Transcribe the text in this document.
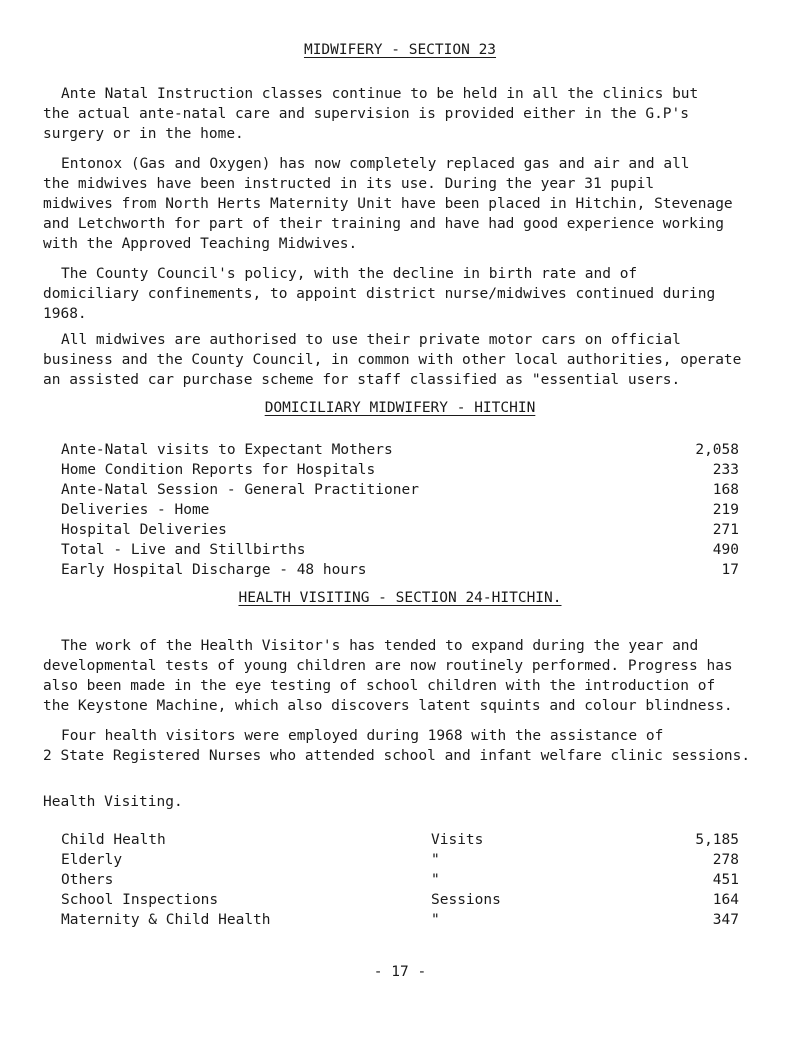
MIDWIFERY - SECTION 23

Ante Natal Instruction classes continue to be held in all the clinics but
the actual ante-natal care and supervision is provided either in the G.P's
surgery or in the home.

Entonox (Gas and Oxygen) has now completely replaced gas and air and all
the midwives have been instructed in its use. During the year 31 pupil
midwives from North Herts Maternity Unit have been placed in Hitchin, Stevenage
and Letchworth for part of their training and have had good experience working
with the Approved Teaching Midwives.

The County Council's policy, with the decline in birth rate and of
domiciliary confinements, to appoint district nurse/midwives continued during
1968.

All midwives are authorised to use their private motor cars on official
business and the County Council, in common with other local authorities, operate
an assisted car purchase scheme for staff classified as "essential users.

DOMICILIARY MIDWIFERY - HITCHIN
Ante-Natal visits to Expectant Mothers	2,058
Home Condition Reports for Hospitals	233
Ante-Natal Session - General Practitioner	168
Deliveries - Home	219
Hospital Deliveries	271
Total - Live and Stillbirths	490
Early Hospital Discharge - 48 hours	17
HEALTH VISITING - SECTION 24-HITCHIN.

The work of the Health Visitor's has tended to expand during the year and
developmental tests of young children are now routinely performed. Progress has
also been made in the eye testing of school children with the introduction of
the Keystone Machine, which also discovers latent squints and colour blindness.

Four health visitors were employed during 1968 with the assistance of
2 State Registered Nurses who attended school and infant welfare clinic sessions.

Health Visiting.
Child Health	Visits	5,185
Elderly	"	278
Others	"	451
School Inspections	Sessions	164
Maternity & Child Health	"	347
- 17 -
